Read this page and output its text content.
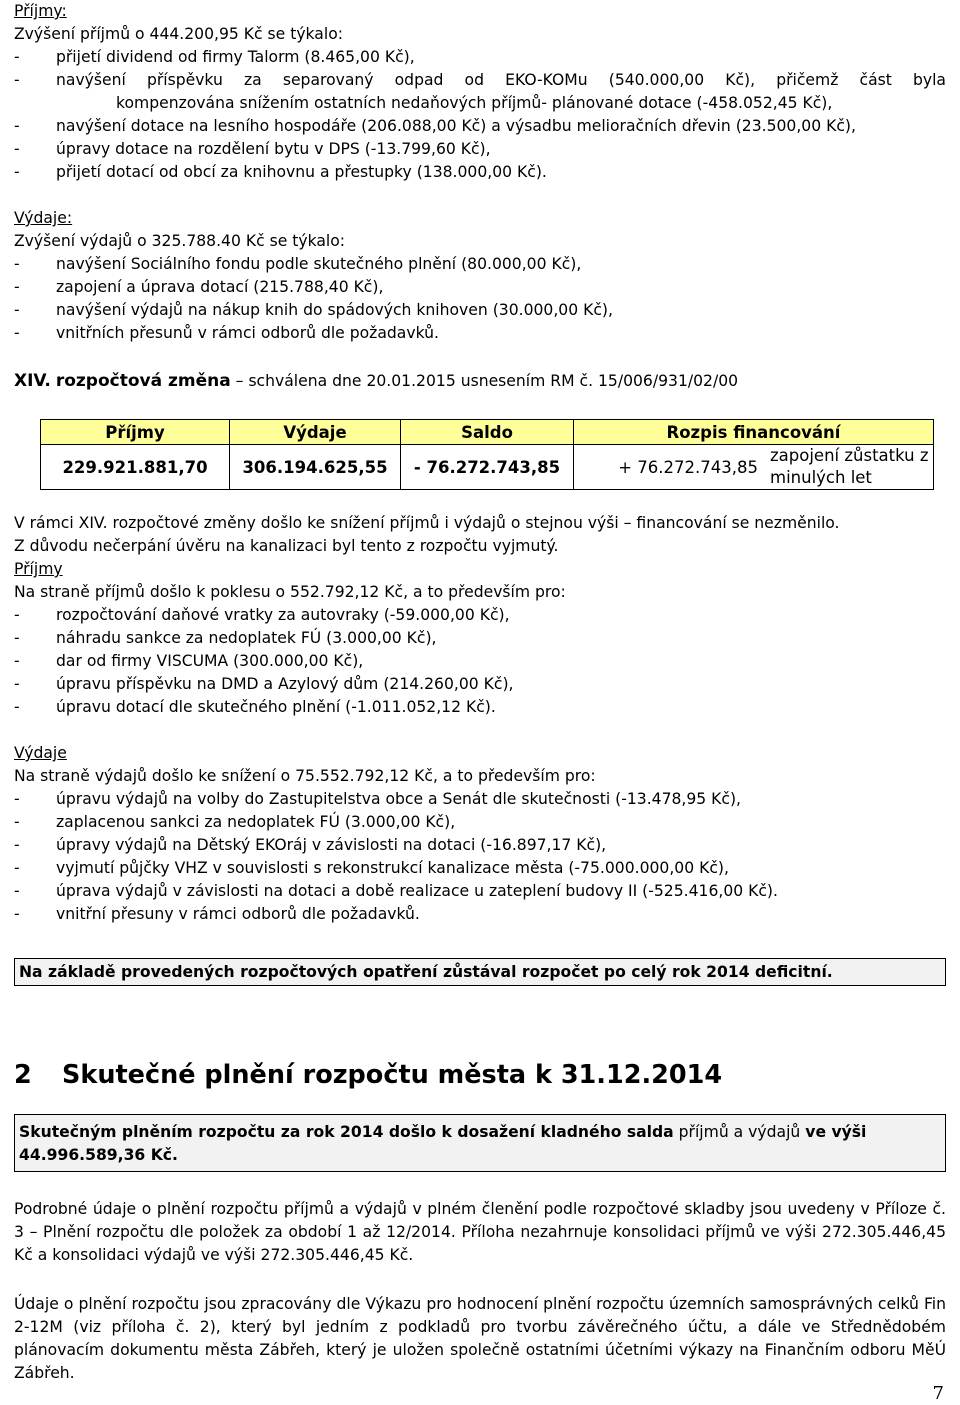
Příjmy:

Zvýšení příjmů o 444.200,95 Kč se týkalo:

- přijetí dividend od firmy Talorm (8.465,00 Kč),
- navýšení příspěvku za separovaný odpad od EKO-KOMu (540.000,00 Kč), přičemž část byla
kompenzována snížením ostatních nedaňových příjmů- plánované dotace (-458.052,45 Kč),
- navýšení dotace na lesního hospodáře (206.088,00 Kč) a výsadbu melioračních dřevin (23.500,00 Kč),
- úpravy dotace na rozdělení bytu v DPS (-13.799,60 Kč),
- přijetí dotací od obcí za knihovnu a přestupky (138.000,00 Kč).

Výdaje:

Zvýšení výdajů o 325.788.40 Kč se týkalo:

- navýšení Sociálního fondu podle skutečného plnění (80.000,00 Kč),
- zapojení a úprava dotací (215.788,40 Kč),
- navýšení výdajů na nákup knih do spádových knihoven (30.000,00 Kč),
- vnitřních přesunů v rámci odborů dle požadavků.

XIV. rozpočtová změna – schválena dne 20.01.2015 usnesením RM č. 15/006/931/02/00

Příjmy	Výdaje	Saldo	Rozpis financování	
229.921.881,70	306.194.625,55	- 76.272.743,85	+ 76.272.743,85	zapojení zůstatku z minulých let

V rámci XIV. rozpočtové změny došlo ke snížení příjmů i výdajů o stejnou výši – financování se nezměnilo.

Z důvodu nečerpání úvěru na kanalizaci byl tento z rozpočtu vyjmutý.

Příjmy

Na straně příjmů došlo k poklesu o 552.792,12 Kč, a to především pro:

- rozpočtování daňové vratky za autovraky (-59.000,00 Kč),
- náhradu sankce za nedoplatek FÚ (3.000,00 Kč),
- dar od firmy VISCUMA (300.000,00 Kč),
- úpravu příspěvku na DMD a Azylový dům (214.260,00 Kč),
- úpravu dotací dle skutečného plnění (-1.011.052,12 Kč).

Výdaje

Na straně výdajů došlo ke snížení o 75.552.792,12 Kč, a to především pro:

- úpravu výdajů na volby do Zastupitelstva obce a Senát dle skutečnosti (-13.478,95 Kč),
- zaplacenou sankci za nedoplatek FÚ (3.000,00 Kč),
- úpravy výdajů na Dětský EKOráj v závislosti na dotaci (-16.897,17 Kč),
- vyjmutí půjčky VHZ v souvislosti s rekonstrukcí kanalizace města (-75.000.000,00 Kč),
- úprava výdajů v závislosti na dotaci a době realizace u zateplení budovy II (-525.416,00 Kč).
- vnitřní přesuny v rámci odborů dle požadavků.
Na základě provedených rozpočtových opatření zůstával rozpočet po celý rok 2014 deficitní.
2 Skutečné plnění rozpočtu města k 31.12.2014
Skutečným plněním rozpočtu za rok 2014 došlo k dosažení kladného salda příjmů a výdajů ve výši 44.996.589,36 Kč.

Podrobné údaje o plnění rozpočtu příjmů a výdajů v plném členění podle rozpočtové skladby jsou uvedeny v Příloze č. 3 – Plnění rozpočtu dle položek za období 1 až 12/2014. Příloha nezahrnuje konsolidaci příjmů ve výši 272.305.446,45 Kč a konsolidaci výdajů ve výši 272.305.446,45 Kč.

Údaje o plnění rozpočtu jsou zpracovány dle Výkazu pro hodnocení plnění rozpočtu územních samosprávných celků Fin 2-12M (viz příloha č. 2), který byl jedním z podkladů pro tvorbu závěrečného účtu, a dále ve Střednědobém plánovacím dokumentu města Zábřeh, který je uložen společně ostatními účetními výkazy na Finančním odboru MěÚ Zábřeh.

7
